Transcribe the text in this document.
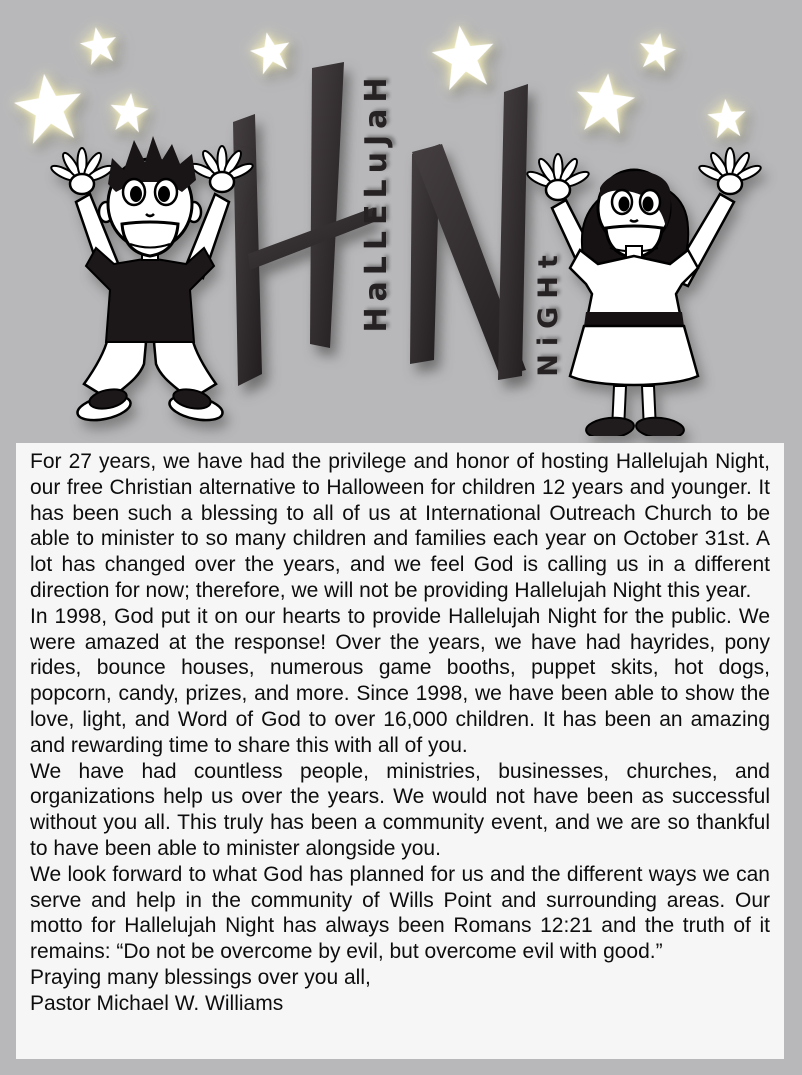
HaLLELuJaH	NiGHt

For 27 years, we have had the privilege and honor of hosting Hallelujah Night, our free Christian alternative to Halloween for children 12 years and younger. It has been such a blessing to all of us at International Outreach Church to be able to minister to so many children and families each year on October 31st. A lot has changed over the years, and we feel God is calling us in a different direction for now; therefore, we will not be providing Hallelujah Night this year.

In 1998, God put it on our hearts to provide Hallelujah Night for the public. We were amazed at the response! Over the years, we have had hayrides, pony rides, bounce houses, numerous game booths, puppet skits, hot dogs, popcorn, candy, prizes, and more. Since 1998, we have been able to show the love, light, and Word of God to over 16,000 children. It has been an amazing and rewarding time to share this with all of you.

We have had countless people, ministries, businesses, churches, and organizations help us over the years. We would not have been as successful without you all. This truly has been a community event, and we are so thankful to have been able to minister alongside you.

We look forward to what God has planned for us and the different ways we can serve and help in the community of Wills Point and surrounding areas. Our motto for Hallelujah Night has always been Romans 12:21 and the truth of it remains: “Do not be overcome by evil, but overcome evil with good.”

Praying many blessings over you all,
Pastor Michael W. Williams
